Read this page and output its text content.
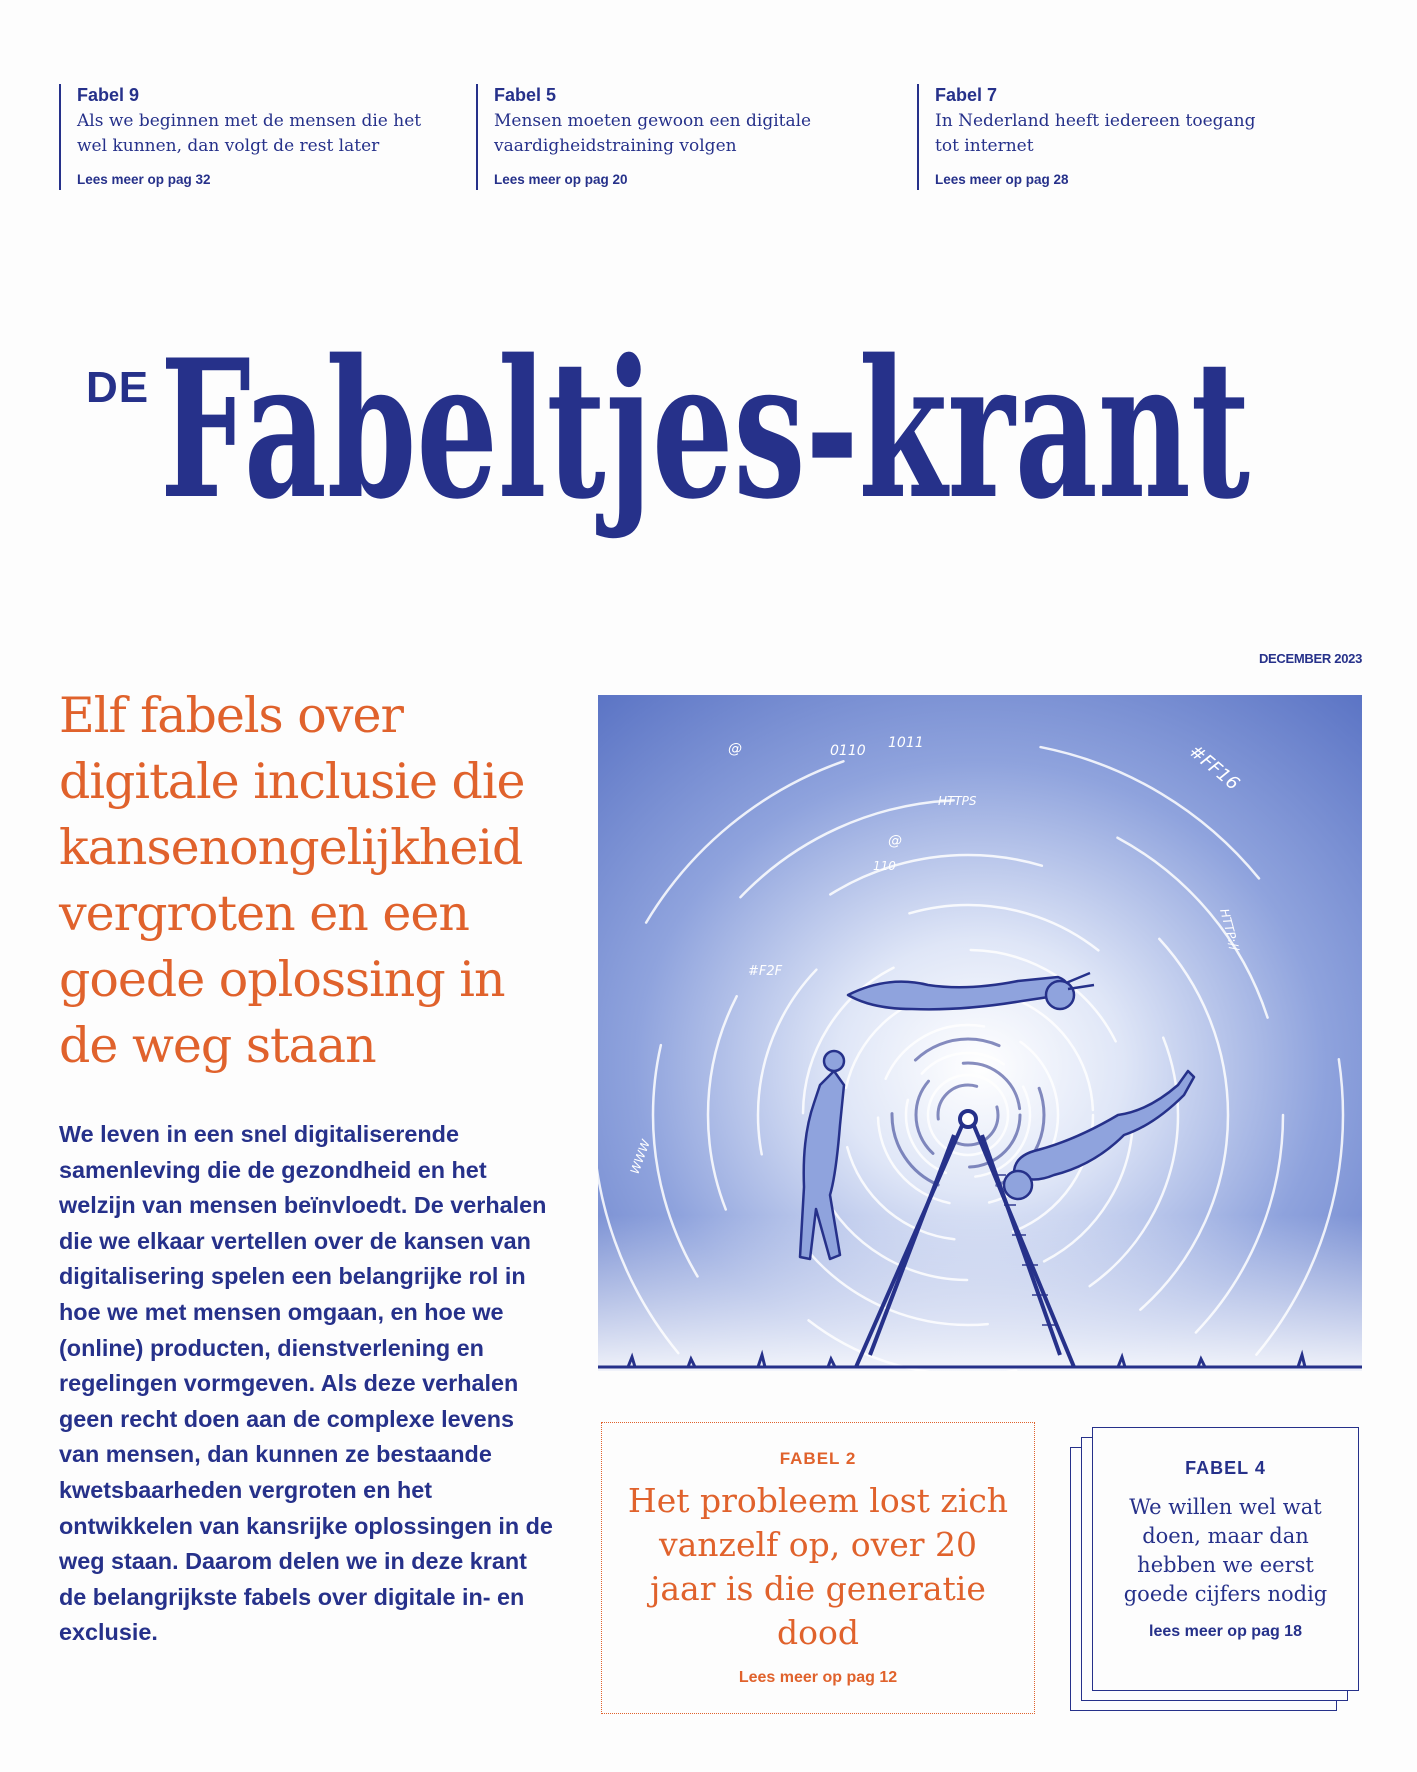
Fabel 9
Als we beginnen met de mensen die het wel kunnen, dan volgt de rest later
Lees meer op pag 32
Fabel 5
Mensen moeten gewoon een digitale vaardigheidstraining volgen
Lees meer op pag 20
Fabel 7
In Nederland heeft iedereen toegang tot internet
Lees meer op pag 28
DE Fabeltjes-krant
DECEMBER 2023
Elf fabels over digitale inclusie die kansenongelijkheid vergroten en een goede oplossing in de weg staan

We leven in een snel digitaliserende samenleving die de gezondheid en het welzijn van mensen beïnvloedt. De verhalen die we elkaar vertellen over de kansen van digitalisering spelen een belangrijke rol in hoe we met mensen omgaan, en hoe we (online) producten, dienstverlening en regelingen vormgeven. Als deze verhalen geen recht doen aan de complexe levens van mensen, dan kunnen ze bestaande kwetsbaarheden vergroten en het ontwikkelen van kansrijke oplossingen in de weg staan. Daarom delen we in deze krant de belangrijkste fabels over digitale in- en exclusie.

@	0110 1011	#FF16
HTTPS
@
110
#F2F
HTTP://
WWW
FABEL 2
Het probleem lost zich vanzelf op, over 20 jaar is die generatie dood
Lees meer op pag 12
FABEL 4
We willen wel wat doen, maar dan hebben we eerst goede cijfers nodig
lees meer op pag 18
